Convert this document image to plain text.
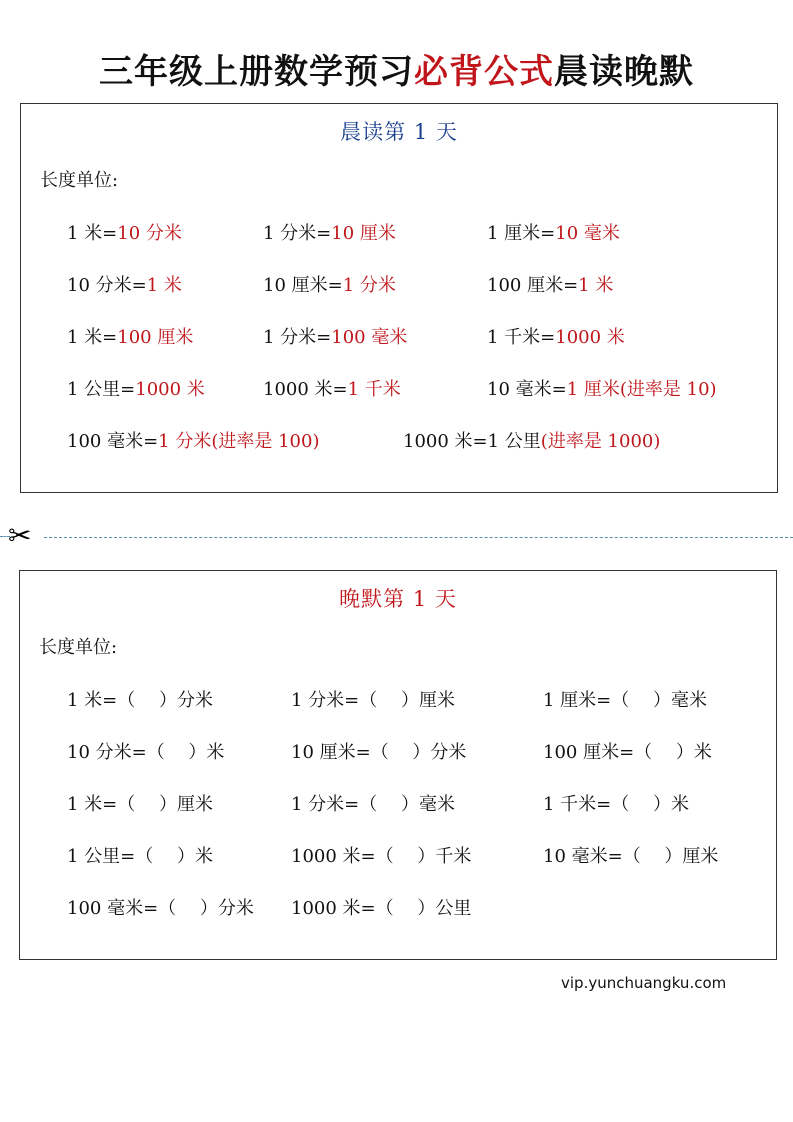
三年级上册数学预习必背公式晨读晚默
晨读第 1 天
长度单位:
1 米=10 分米	1 分米=10 厘米	1 厘米=10 毫米
10 分米=1 米	10 厘米=1 分米	100 厘米=1 米
1 米=100 厘米	1 分米=100 毫米	1 千米=1000 米
1 公里=1000 米	1000 米=1 千米	10 毫米=1 厘米(进率是 10)
100 毫米=1 分米(进率是 100)	1000 米=1 公里(进率是 1000)
✂
晚默第 1 天
长度单位:
1 米=（　 ）分米	1 分米=（　 ）厘米	1 厘米=（　 ）毫米
10 分米=（　 ）米	10 厘米=（　 ）分米	100 厘米=（　 ）米
1 米=（　 ）厘米	1 分米=（　 ）毫米	1 千米=（　 ）米
1 公里=（　 ）米	1000 米=（　 ）千米	10 毫米=（　 ）厘米
100 毫米=（　 ）分米 1000 米=（　 ）公里
vip.yunchuangku.com
